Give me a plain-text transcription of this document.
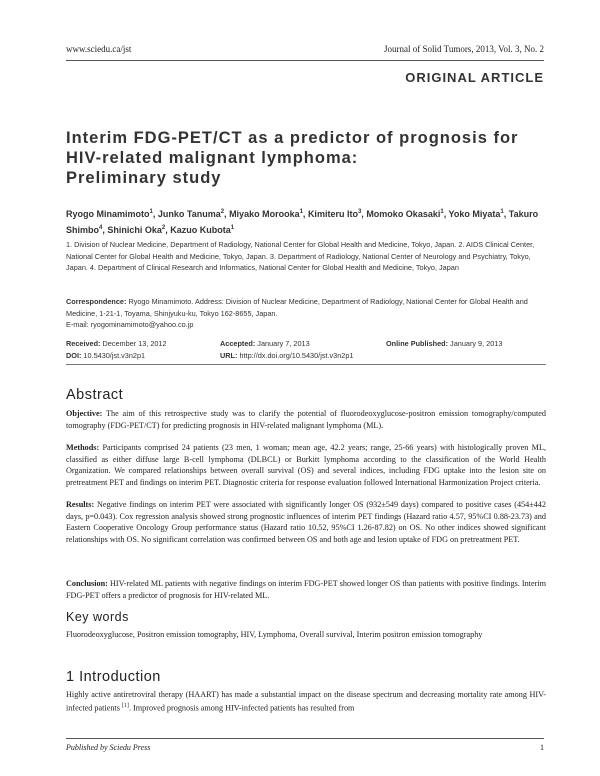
www.sciedu.ca/jst	Journal of Solid Tumors, 2013, Vol. 3, No. 2
ORIGINAL ARTICLE
Interim FDG-PET/CT as a predictor of prognosis for
HIV-related malignant lymphoma:
Preliminary study
Ryogo Minamimoto$^1$, Junko Tanuma$^2$, Miyako Morooka$^1$, Kimiteru Ito$^3$, Momoko Okasaki$^1$, Yoko Miyata$^1$, Takuro Shimbo$^4$, Shinichi Oka$^2$, Kazuo Kubota$^1$
1. Division of Nuclear Medicine, Department of Radiology, National Center for Global Health and Medicine, Tokyo, Japan. 2. AIDS Clinical Center, National Center for Global Health and Medicine, Tokyo, Japan. 3. Department of Radiology, National Center of Neurology and Psychiatry, Tokyo, Japan. 4. Department of Clinical Research and Informatics, National Center for Global Health and Medicine, Tokyo, Japan
Correspondence: Ryogo Minamimoto. Address: Division of Nuclear Medicine, Department of Radiology, National Center for Global Health and Medicine, 1-21-1, Toyama, Shinjyuku-ku, Tokyo 162-8655, Japan.
E-mail: ryogominamimoto@yahoo.co.jp
Received: December 13, 2012	Accepted: January 7, 2013	Online Published: January 9, 2013
DOI: 10.5430/jst.v3n2p1	URL: http://dx.doi.org/10.5430/jst.v3n2p1
Abstract
Objective: The aim of this retrospective study was to clarify the potential of fluorodeoxyglucose-positron emission tomography/computed tomography (FDG-PET/CT) for predicting prognosis in HIV-related malignant lymphoma (ML).
Methods: Participants comprised 24 patients (23 men, 1 woman; mean age, 42.2 years; range, 25-66 years) with histologically proven ML, classified as either diffuse large B-cell lymphoma (DLBCL) or Burkitt lymphoma according to the classification of the World Health Organization. We compared relationships between overall survival (OS) and several indices, including FDG uptake into the lesion site on pretreatment PET and findings on interim PET. Diagnostic criteria for response evaluation followed International Harmonization Project criteria.
Results: Negative findings on interim PET were associated with significantly longer OS (932±549 days) compared to positive cases (454±442 days, p=0.043). Cox regression analysis showed strong prognostic influences of interim PET findings (Hazard ratio 4.57, 95%CI 0.88-23.73) and Eastern Cooperative Oncology Group performance status (Hazard ratio 10.52, 95%CI 1.26-87.82) on OS. No other indices showed significant relationships with OS. No significant correlation was confirmed between OS and both age and lesion uptake of FDG on pretreatment PET.
Conclusion: HIV-related ML patients with negative findings on interim FDG-PET showed longer OS than patients with positive findings. Interim FDG-PET offers a predictor of prognosis for HIV-related ML.
Key words
Fluorodeoxyglucose, Positron emission tomography, HIV, Lymphoma, Overall survival, Interim positron emission tomography
1 Introduction
Highly active antiretroviral therapy (HAART) has made a substantial impact on the disease spectrum and decreasing mortality rate among HIV-infected patients [1]. Improved prognosis among HIV-infected patients has resulted from
Published by Sciedu Press	1
